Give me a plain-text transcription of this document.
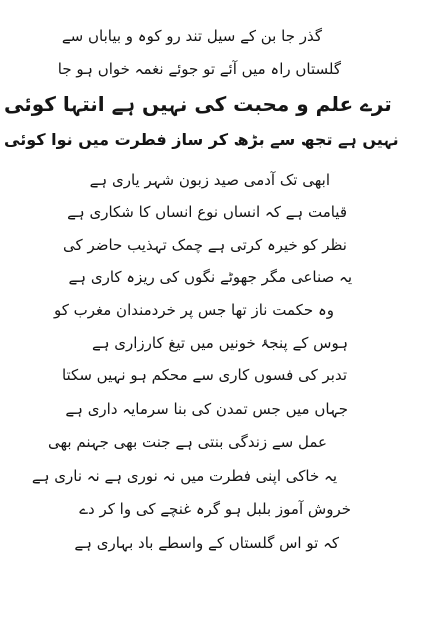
گذر جا بن کے سیل تند رو کوہ و بیاباں سے
گلستاں راہ میں آئے تو جوئے نغمہ خواں ہو جا
ترے علم و محبت کی نہیں ہے انتہا کوئی
نہیں ہے تجھ سے بڑھ کر ساز فطرت میں نوا کوئی
ابھی تک آدمی صید زبون شہر یاری ہے
قیامت ہے کہ انساں نوع انساں کا شکاری ہے
نظر کو خیرہ کرتی ہے چمک تہذیب حاضر کی
یہ صناعی مگر جھوٹے نگوں کی ریزہ کاری ہے
وہ حکمت ناز تھا جس پر خردمندان مغرب کو
ہوس کے پنجۂ خونیں میں تیغ کارزاری ہے
تدبر کی فسوں کاری سے محکم ہو نہیں سکتا
جہاں میں جس تمدن کی بنا سرمایہ داری ہے
عمل سے زندگی بنتی ہے جنت بھی جہنم بھی
یہ خاکی اپنی فطرت میں نہ نوری ہے نہ ناری ہے
خروش آموز بلبل ہو گرہ غنچے کی وا کر دے
کہ تو اس گلستاں کے واسطے باد بہاری ہے
